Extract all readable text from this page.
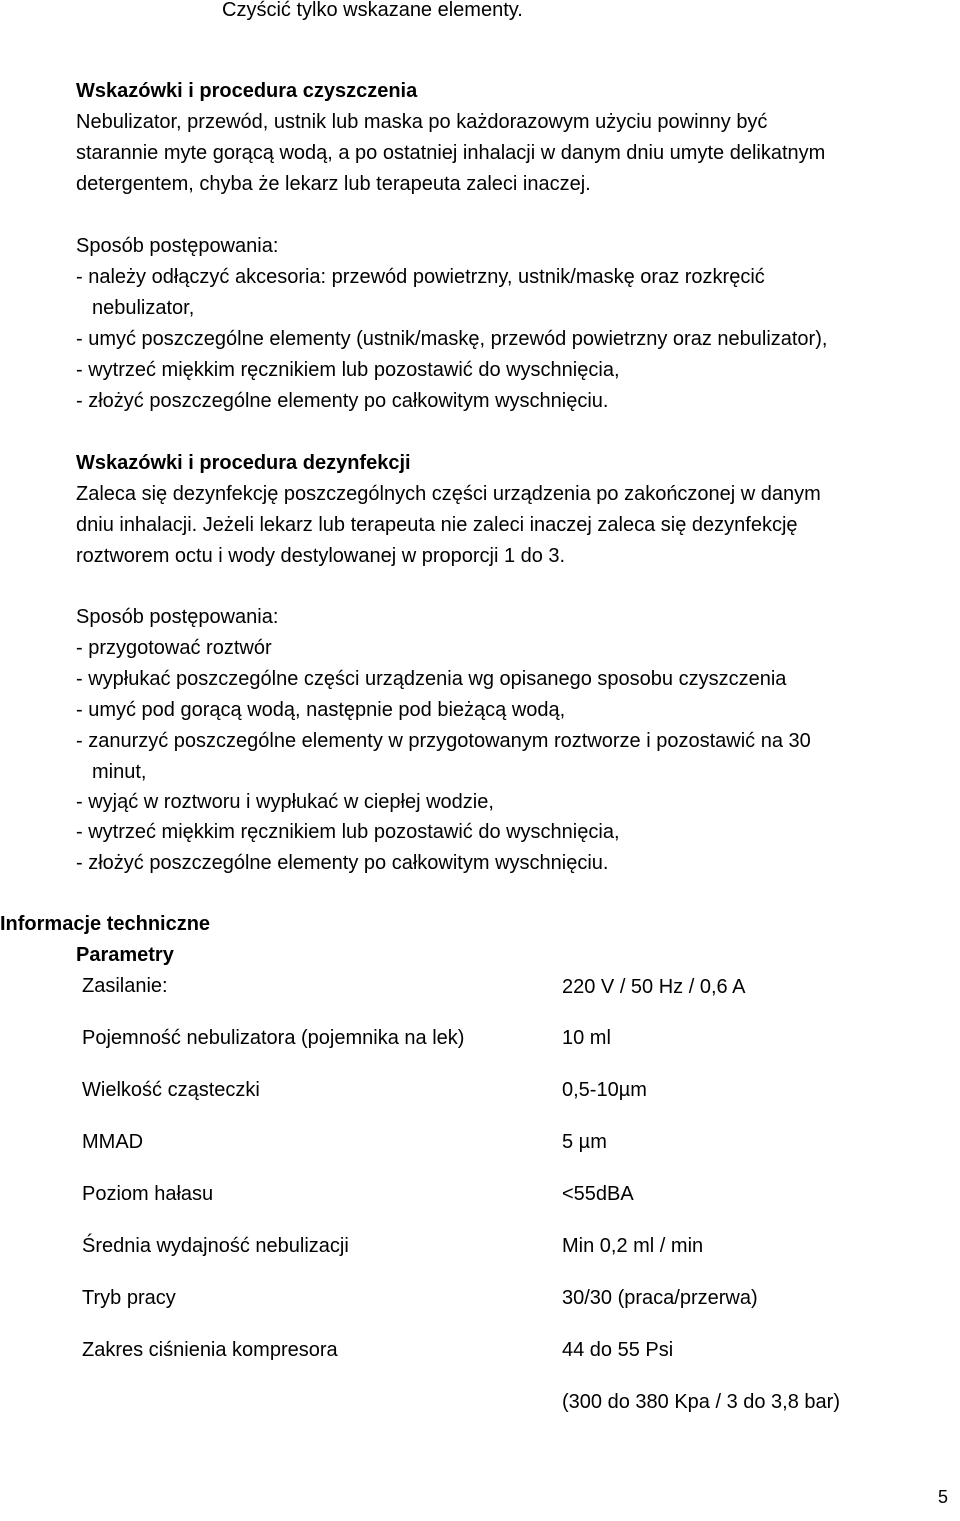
Czyścić tylko wskazane elementy.
Wskazówki i procedura czyszczenia
Nebulizator, przewód, ustnik lub maska po każdorazowym użyciu powinny być
starannie myte gorącą wodą, a po ostatniej inhalacji w danym dniu umyte delikatnym
detergentem, chyba że lekarz lub terapeuta zaleci inaczej.
Sposób postępowania:
- należy odłączyć akcesoria: przewód powietrzny, ustnik/maskę oraz rozkręcić
nebulizator,
- umyć poszczególne elementy (ustnik/maskę, przewód powietrzny oraz nebulizator),
- wytrzeć miękkim ręcznikiem lub pozostawić do wyschnięcia,
- złożyć poszczególne elementy po całkowitym wyschnięciu.
Wskazówki i procedura dezynfekcji
Zaleca się dezynfekcję poszczególnych części urządzenia po zakończonej w danym
dniu inhalacji. Jeżeli lekarz lub terapeuta nie zaleci inaczej zaleca się dezynfekcję
roztworem octu i wody destylowanej w proporcji 1 do 3.
Sposób postępowania:
- przygotować roztwór
- wypłukać poszczególne części urządzenia wg opisanego sposobu czyszczenia
- umyć pod gorącą wodą, następnie pod bieżącą wodą,
- zanurzyć poszczególne elementy w przygotowanym roztworze i pozostawić na 30
minut,
- wyjąć w roztworu i wypłukać w ciepłej wodzie,
- wytrzeć miękkim ręcznikiem lub pozostawić do wyschnięcia,
- złożyć poszczególne elementy po całkowitym wyschnięciu.
Informacje techniczne
Parametry
Zasilanie:	220 V / 50 Hz / 0,6 A
Pojemność nebulizatora (pojemnika na lek)	10 ml
Wielkość cząsteczki	0,5-10µm
MMAD	5 µm
Poziom hałasu	<55dBA
Średnia wydajność nebulizacji	Min 0,2 ml / min
Tryb pracy	30/30 (praca/przerwa)
Zakres ciśnienia kompresora	44 do 55 Psi
(300 do 380 Kpa / 3 do 3,8 bar)
5
